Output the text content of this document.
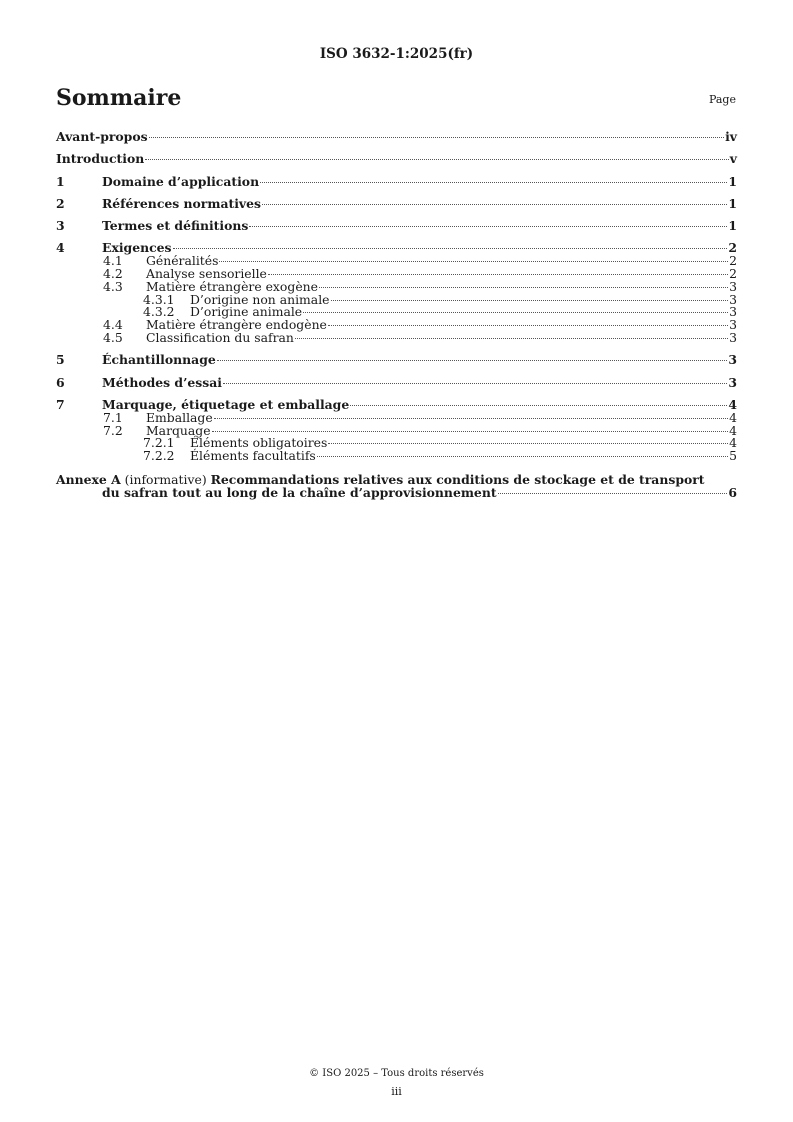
ISO 3632-1:2025(fr)
Sommaire	Page
Avant-propos	iv
Introduction	v
1	Domaine d’application	1
2	Références normatives	1
3	Termes et définitions	1
4	Exigences	2
4.1	Généralités	2
4.2	Analyse sensorielle	2
4.3	Matière étrangère exogène	3
4.3.1	D’origine non animale	3
4.3.2	D’origine animale	3
4.4	Matière étrangère endogène	3
4.5	Classification du safran	3
5	Échantillonnage	3
6	Méthodes d’essai	3
7	Marquage, étiquetage et emballage	4
7.1	Emballage	4
7.2	Marquage	4
7.2.1	Éléments obligatoires	4
7.2.2	Éléments facultatifs	5
Annexe A (informative) Recommandations relatives aux conditions de stockage et de transport
du safran tout au long de la chaîne d’approvisionnement	6
© ISO 2025 – Tous droits réservés
iii
